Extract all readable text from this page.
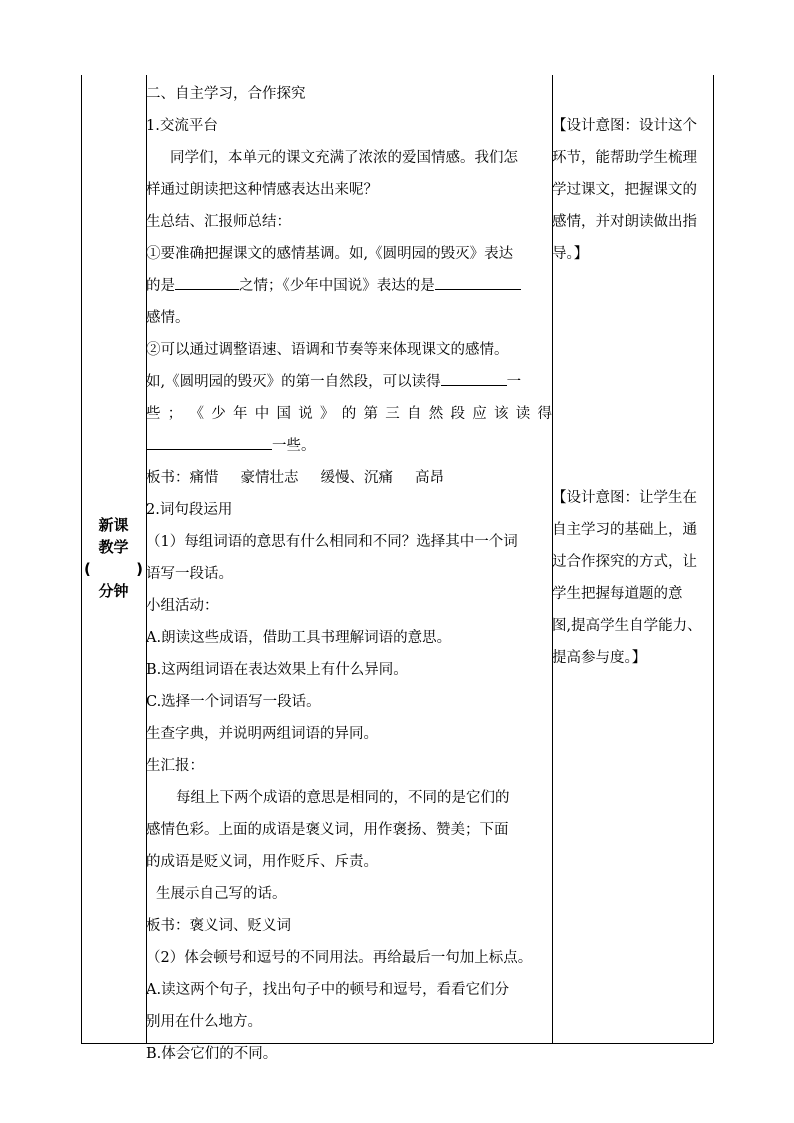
新课
教学
(	)
分钟
二、自主学习，合作探究
1.交流平台
同学们，本单元的课文充满了浓浓的爱国情感。我们怎
样通过朗读把这种情感表达出来呢？
生总结、汇报师总结：
①要准确把握课文的感情基调。如,《圆明园的毁灭》表达
的是	之情；《少年中国说》表达的是
感情。
②可以通过调整语速、语调和节奏等来体现课文的感情。
如,《圆明园的毁灭》的第一自然段，可以读得	一
些 ； 《 少 年 中 国 说 》 的 第 三 自 然 段 应 该 读 得
一些。
板书：痛惜 豪情壮志 缓慢、沉痛 高昂
2.词句段运用
（1）每组词语的意思有什么相同和不同？选择其中一个词
语写一段话。
小组活动：
A.朗读这些成语，借助工具书理解词语的意思。
B.这两组词语在表达效果上有什么异同。
C.选择一个词语写一段话。
生查字典，并说明两组词语的异同。
生汇报：
每组上下两个成语的意思是相同的，不同的是它们的
感情色彩。上面的成语是褒义词，用作褒扬、赞美；下面
的成语是贬义词，用作贬斥、斥责。
生展示自己写的话。
板书：褒义词、贬义词
（2）体会顿号和逗号的不同用法。再给最后一句加上标点。
A.读这两个句子，找出句子中的顿号和逗号，看看它们分
别用在什么地方。
B.体会它们的不同。
【设计意图：设计这个
环节，能帮助学生梳理
学过课文，把握课文的
感情，并对朗读做出指
导。】
【设计意图：让学生在
自主学习的基础上，通
过合作探究的方式，让
学生把握每道题的意
图,提高学生自学能力、
提高参与度。】
